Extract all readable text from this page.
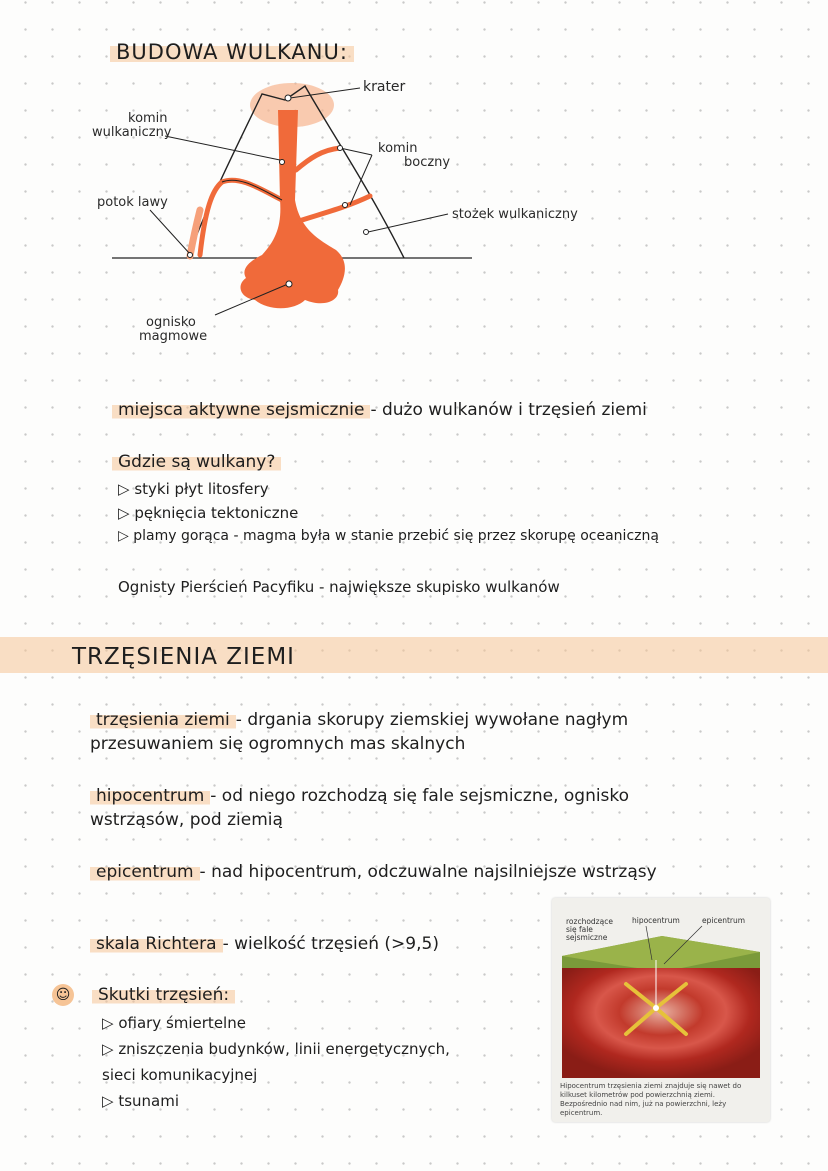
BUDOWA WULKANU:
krater
komin
wulkaniczny
komin
boczny
potok lawy
stożek wulkaniczny
ognisko
magmowe
miejsca aktywne sejsmicznie - dużo wulkanów i trzęsień ziemi
Gdzie są wulkany?
▷ styki płyt litosfery
▷ pęknięcia tektoniczne
▷ plamy gorąca - magma była w stanie przebić się przez skorupę oceaniczną
Ognisty Pierścień Pacyfiku - największe skupisko wulkanów
TRZĘSIENIA ZIEMI
trzęsienia ziemi - drgania skorupy ziemskiej wywołane nagłym
przesuwaniem się ogromnych mas skalnych
hipocentrum - od niego rozchodzą się fale sejsmiczne, ognisko
wstrząsów, pod ziemią
epicentrum - nad hipocentrum, odczuwalne najsilniejsze wstrząsy
skala Richtera - wielkość trzęsień (>9,5)
☺	Skutki trzęsień:
▷ ofiary śmiertelne
▷ zniszczenia budynków, linii energetycznych,
sieci komunikacyjnej
▷ tsunami
rozchodzące się fale sejsmiczne
hipocentrum	epicentrum
Hipocentrum trzęsienia ziemi znajduje się nawet do kilkuset kilometrów pod powierzchnią ziemi. Bezpośrednio nad nim, już na powierzchni, leży epicentrum.
